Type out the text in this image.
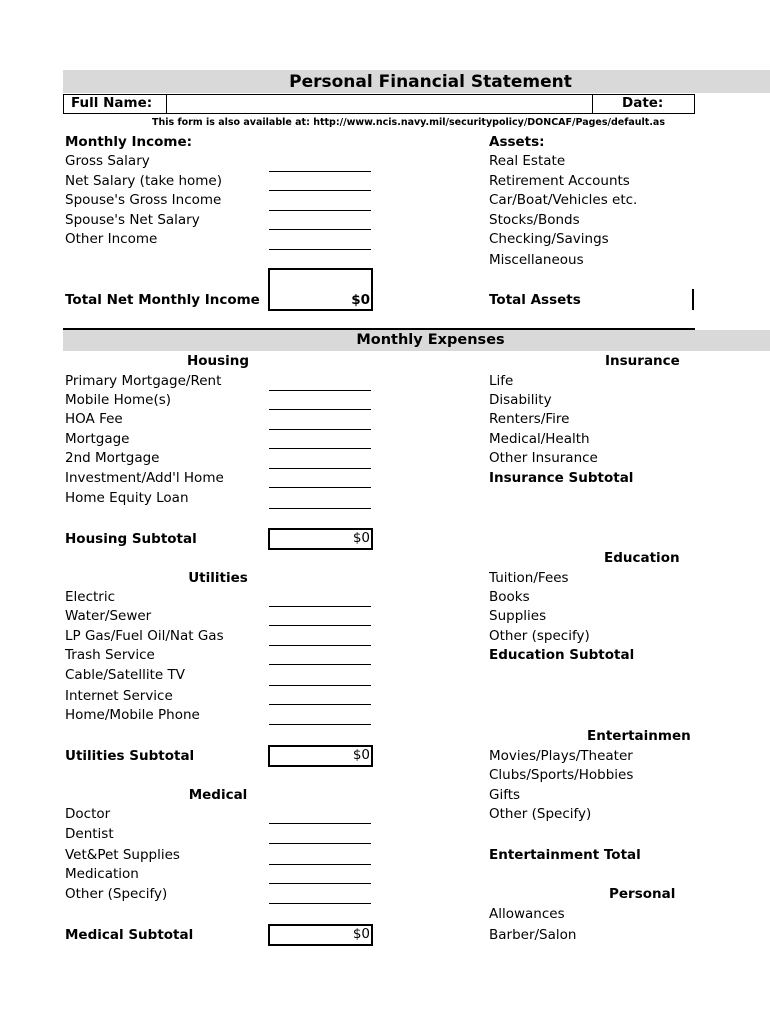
Personal Financial Statement
Full Name:	Date:
This form is also available at: http://www.ncis.navy.mil/securitypolicy/DONCAF/Pages/default.as
Monthly Income:
Gross Salary
Net Salary (take home)
Spouse's Gross Income
Spouse's Net Salary
Other Income
Total Net Monthly Income	$0
Assets:
Real Estate
Retirement Accounts
Car/Boat/Vehicles etc.
Stocks/Bonds
Checking/Savings
Miscellaneous
Total Assets
Monthly Expenses
Housing
Primary Mortgage/Rent
Mobile Home(s)
HOA Fee
Mortgage
2nd Mortgage
Investment/Add'l Home
Home Equity Loan
Housing Subtotal	$0
Utilities
Electric
Water/Sewer
LP Gas/Fuel Oil/Nat Gas
Trash Service
Cable/Satellite TV
Internet Service
Home/Mobile Phone
Utilities Subtotal	$0
Medical
Doctor
Dentist
Vet&Pet Supplies
Medication
Other (Specify)
Medical Subtotal	$0
Insurance
Life
Disability
Renters/Fire
Medical/Health
Other Insurance
Insurance Subtotal
Education
Tuition/Fees
Books
Supplies
Other (specify)
Education Subtotal
Entertainmen
Movies/Plays/Theater
Clubs/Sports/Hobbies
Gifts
Other (Specify)
Entertainment Total
Personal
Allowances
Barber/Salon
